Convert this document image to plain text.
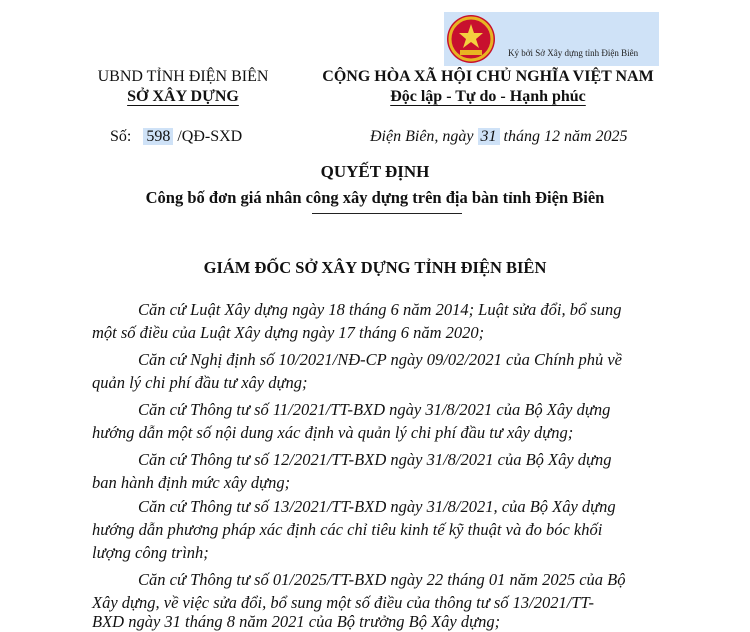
Ký bởi Sở Xây dựng tỉnh Điện Biên
UBND TỈNH ĐIỆN BIÊN
SỞ XÂY DỰNG
CỘNG HÒA XÃ HỘI CHỦ NGHĨA VIỆT NAM
Độc lập - Tự do - Hạnh phúc
Số: 598 /QĐ-SXD	Điện Biên, ngày 31 tháng 12 năm 2025
QUYẾT ĐỊNH
Công bố đơn giá nhân công xây dựng trên địa bàn tỉnh Điện Biên
GIÁM ĐỐC SỞ XÂY DỰNG TỈNH ĐIỆN BIÊN
Căn cứ Luật Xây dựng ngày 18 tháng 6 năm 2014; Luật sửa đổi, bổ sung
một số điều của Luật Xây dựng ngày 17 tháng 6 năm 2020;
Căn cứ Nghị định số 10/2021/NĐ-CP ngày 09/02/2021 của Chính phủ về
quản lý chi phí đầu tư xây dựng;
Căn cứ Thông tư số 11/2021/TT-BXD ngày 31/8/2021 của Bộ Xây dựng
hướng dẫn một số nội dung xác định và quản lý chi phí đầu tư xây dựng;
Căn cứ Thông tư số 12/2021/TT-BXD ngày 31/8/2021 của Bộ Xây dựng
ban hành định mức xây dựng;
Căn cứ Thông tư số 13/2021/TT-BXD ngày 31/8/2021, của Bộ Xây dựng
hướng dẫn phương pháp xác định các chỉ tiêu kinh tế kỹ thuật và đo bóc khối
lượng công trình;
Căn cứ Thông tư số 01/2025/TT-BXD ngày 22 tháng 01 năm 2025 của Bộ
Xây dựng, về việc sửa đổi, bổ sung một số điều của thông tư số 13/2021/TT-
BXD ngày 31 tháng 8 năm 2021 của Bộ trưởng Bộ Xây dựng;
